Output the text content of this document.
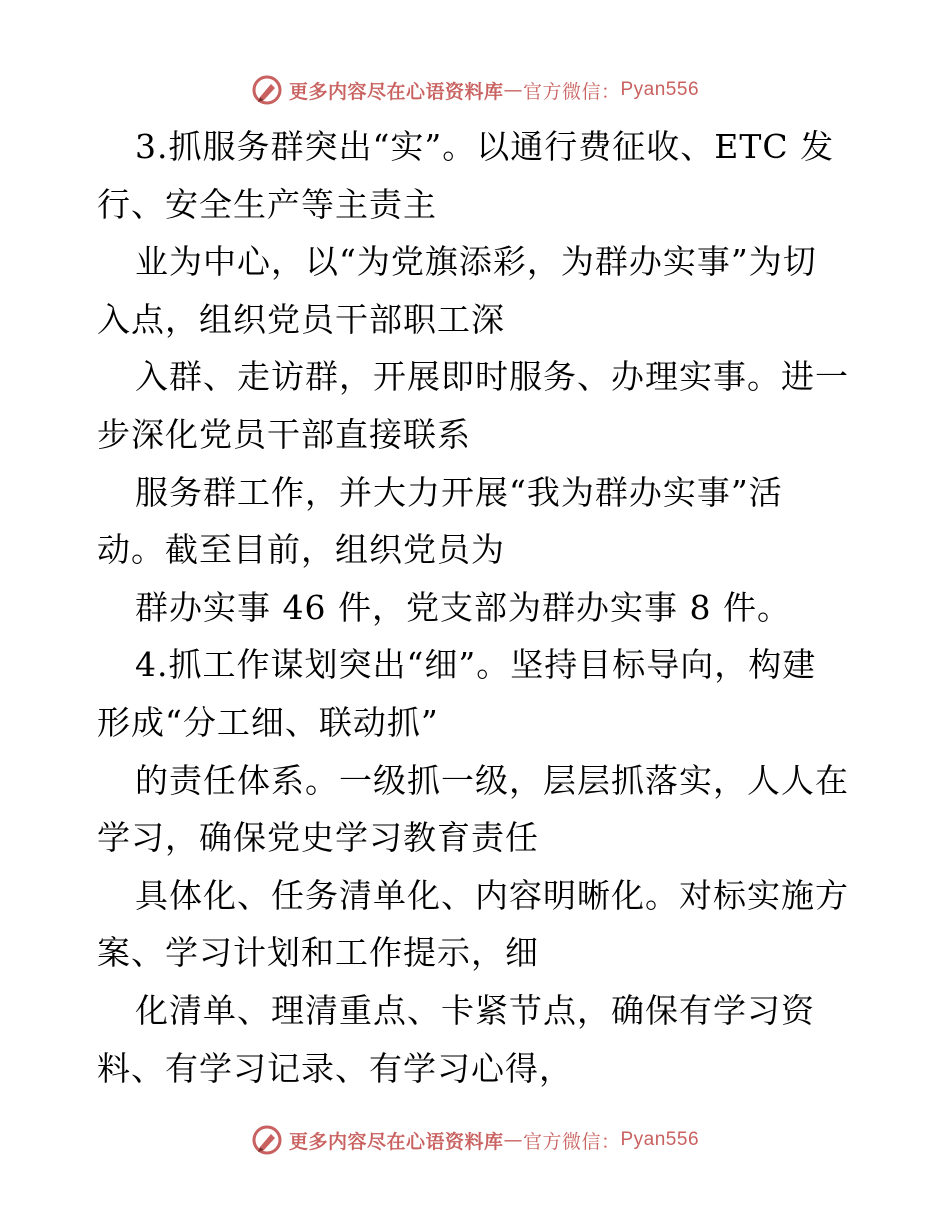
更多内容尽在心语资料库 — 官方微信： Pyan556
3.抓服务群突出“实”。以通行费征收、ETC 发
行、安全生产等主责主
业为中心，以“为党旗添彩，为群办实事”为切
入点，组织党员干部职工深
入群、走访群，开展即时服务、办理实事。进一
步深化党员干部直接联系
服务群工作，并大力开展“我为群办实事”活
动。截至目前，组织党员为
群办实事 46 件，党支部为群办实事 8 件。
4.抓工作谋划突出“细”。坚持目标导向，构建
形成“分工细、联动抓”
的责任体系。一级抓一级，层层抓落实，人人在
学习，确保党史学习教育责任
具体化、任务清单化、内容明晰化。对标实施方
案、学习计划和工作提示，细
化清单、理清重点、卡紧节点，确保有学习资
料、有学习记录、有学习心得，
更多内容尽在心语资料库 — 官方微信： Pyan556
